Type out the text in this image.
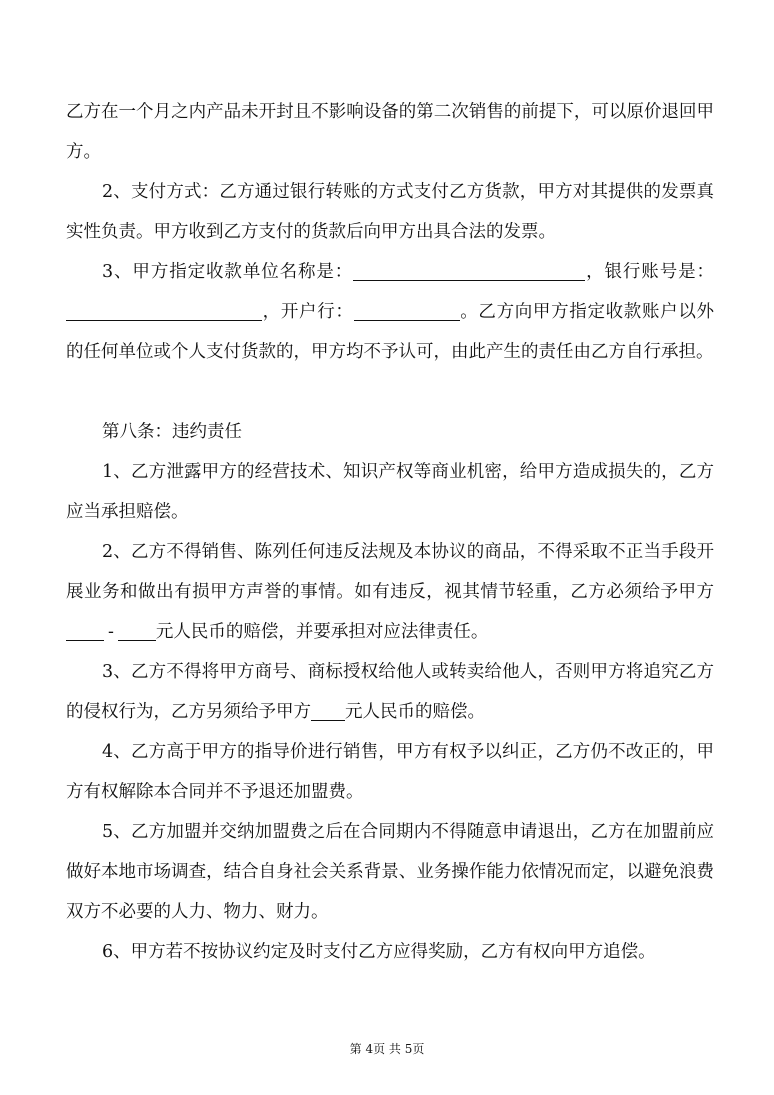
乙方在一个月之内产品未开封且不影响设备的第二次销售的前提下，可以原价退回甲方。

2、支付方式：乙方通过银行转账的方式支付乙方货款，甲方对其提供的发票真实性负责。甲方收到乙方支付的货款后向甲方出具合法的发票。

3、甲方指定收款单位名称是：	，银行账号是：，开户行：	。乙方向甲方指定收款账户以外的任何单位或个人支付货款的，甲方均不予认可，由此产生的责任由乙方自行承担。

第八条：违约责任

1、乙方泄露甲方的经营技术、知识产权等商业机密，给甲方造成损失的，乙方应当承担赔偿。

2、乙方不得销售、陈列任何违反法规及本协议的商品，不得采取不正当手段开展业务和做出有损甲方声誉的事情。如有违反，视其情节轻重，乙方必须给予甲方- 元人民币的赔偿，并要承担对应法律责任。

3、乙方不得将甲方商号、商标授权给他人或转卖给他人，否则甲方将追究乙方的侵权行为，乙方另须给予甲方 元人民币的赔偿。

4、乙方高于甲方的指导价进行销售，甲方有权予以纠正，乙方仍不改正的，甲方有权解除本合同并不予退还加盟费。

5、乙方加盟并交纳加盟费之后在合同期内不得随意申请退出，乙方在加盟前应做好本地市场调查，结合自身社会关系背景、业务操作能力依情况而定，以避免浪费双方不必要的人力、物力、财力。

6、甲方若不按协议约定及时支付乙方应得奖励，乙方有权向甲方追偿。

第 4页 共 5页
